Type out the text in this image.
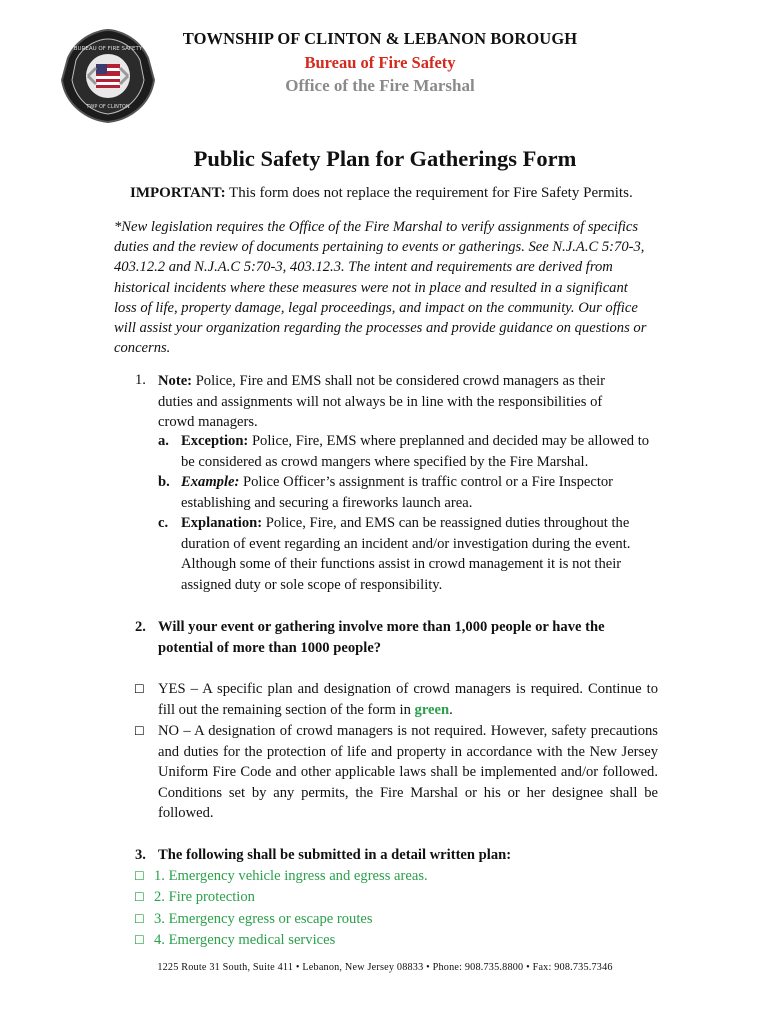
BUREAU OF FIRE SAFETY
TWP OF CLINTON
TOWNSHIP OF CLINTON & LEBANON BOROUGH
Bureau of Fire Safety
Office of the Fire Marshal
Public Safety Plan for Gatherings Form
IMPORTANT: This form does not replace the requirement for Fire Safety Permits.
*New legislation requires the Office of the Fire Marshal to verify assignments of specifics duties and the review of documents pertaining to events or gatherings. See N.J.A.C 5:70-3, 403.12.2 and N.J.A.C 5:70-3, 403.12.3. The intent and requirements are derived from historical incidents where these measures were not in place and resulted in a significant loss of life, property damage, legal proceedings, and impact on the community. Our office will assist your organization regarding the processes and provide guidance on questions or concerns.
1. Note: Police, Fire and EMS shall not be considered crowd managers as their duties and assignments will not always be in line with the responsibilities of crowd managers.
a. Exception: Police, Fire, EMS where preplanned and decided may be allowed to be considered as crowd mangers where specified by the Fire Marshal.
b. Example: Police Officer’s assignment is traffic control or a Fire Inspector establishing and securing a fireworks launch area.
c. Explanation: Police, Fire, and EMS can be reassigned duties throughout the duration of event regarding an incident and/or investigation during the event. Although some of their functions assist in crowd management it is not their assigned duty or sole scope of responsibility.
2. Will your event or gathering involve more than 1,000 people or have the potential of more than 1000 people?
☐ YES – A specific plan and designation of crowd managers is required. Continue to fill out the remaining section of the form in green.
☐ NO – A designation of crowd managers is not required. However, safety precautions and duties for the protection of life and property in accordance with the New Jersey Uniform Fire Code and other applicable laws shall be implemented and/or followed. Conditions set by any permits, the Fire Marshal or his or her designee shall be followed.
3. The following shall be submitted in a detail written plan:
☐ 1. Emergency vehicle ingress and egress areas.
☐ 2. Fire protection
☐ 3. Emergency egress or escape routes
☐ 4. Emergency medical services
1225 Route 31 South, Suite 411 • Lebanon, New Jersey 08833 • Phone: 908.735.8800 • Fax: 908.735.7346
